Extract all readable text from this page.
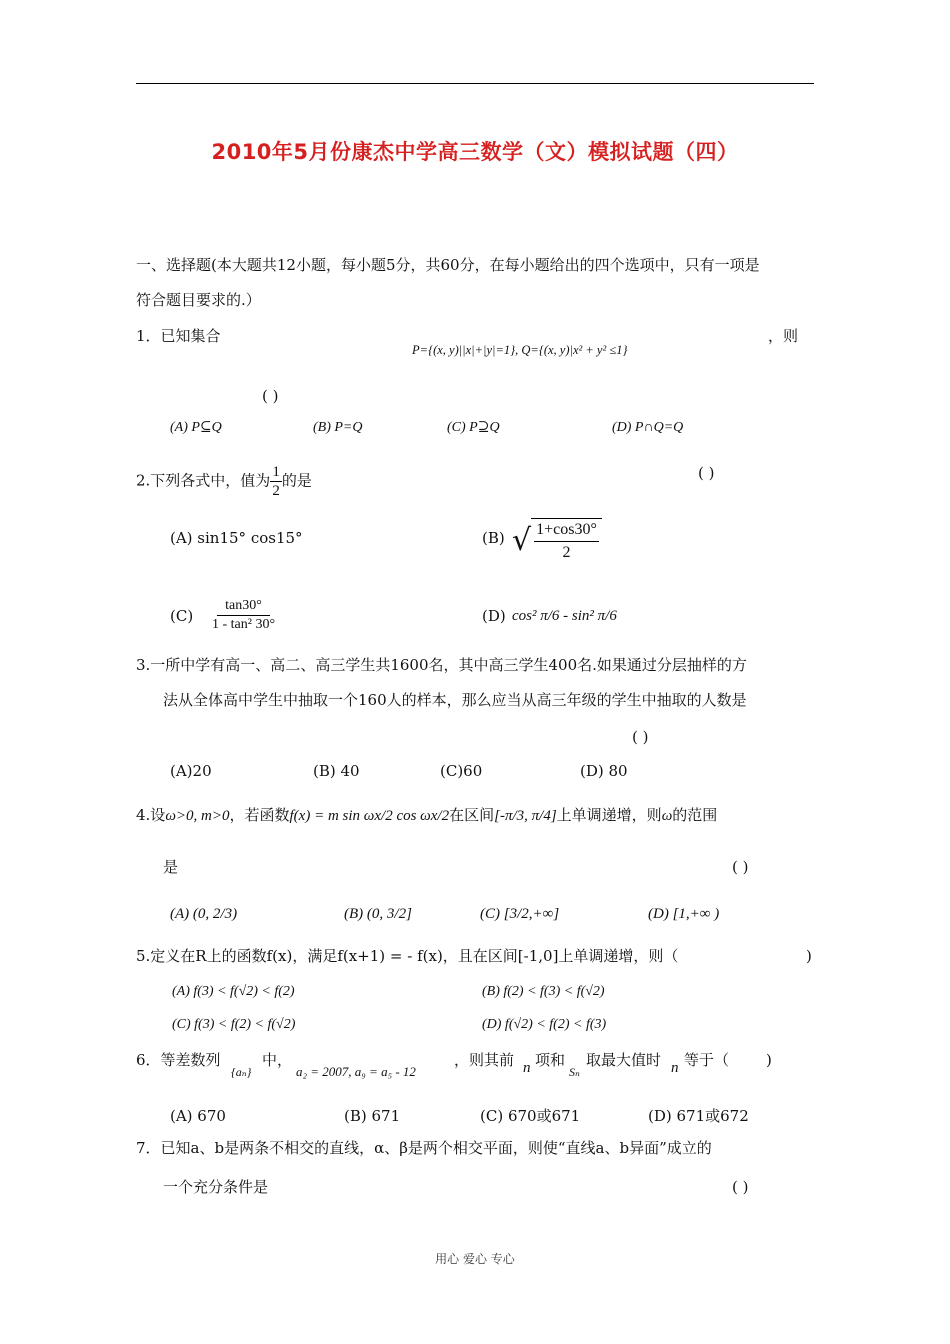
2010年5月份康杰中学高三数学（文）模拟试题（四）
一、选择题(本大题共12小题，每小题5分，共60分，在每小题给出的四个选项中，只有一项是
符合题目要求的.）
1．已知集合
P={(x, y)||x|+|y|=1}, Q={(x, y)|x² + y² ≤1}
，则
( )
(A) P⊆Q	(B) P=Q	(C) P⊇Q	(D) P∩Q=Q
2.下列各式中，值为 $\frac{1}{2}$ 的是	( )
(A) sin15° cos15°	(B) √ $\frac{1+\cos 30^\circ}{2}$
$(C) \frac{\tan 30^\circ}{\text{1 - tan² 30°}}$	(D) cos² π/6 - sin² π/6
3.一所中学有高一、高二、高三学生共1600名，其中高三学生400名.如果通过分层抽样的方
法从全体高中学生中抽取一个160人的样本，那么应当从高三年级的学生中抽取的人数是
( )
(A)20	(B) 40	(C)60	(D) 80
4.设ω>0, m>0，若函数f(x) = m sin ωx/2 cos ωx/2在区间[-π/3, π/4]上单调递增，则ω的范围
是	( )
(A) (0, 2/3)	(B) (0, 3/2]	(C) [3/2,+∞]	(D) [1,+∞ )
5.定义在R上的函数f(x)，满足f(x+1) = - f(x)，且在区间[-1,0]上单调递增，则（	)
(A) f(3) < f(√2) < f(2)	(B) f(2) < f(3) < f(√2)
(C) f(3) < f(2) < f(√2)	(D) f(√2) < f(2) < f(3)
6．等差数列
{aₙ}
中，
a₂ = 2007, a₉ = a₅ - 12
，则其前 n 项和
Sₙ
取最大值时 n 等于（ )
(A) 670	(B) 671	(C) 670或671	(D) 671或672
7．已知a、b是两条不相交的直线，α、β是两个相交平面，则使“直线a、b异面”成立的
一个充分条件是	( )
用心 爱心 专心
